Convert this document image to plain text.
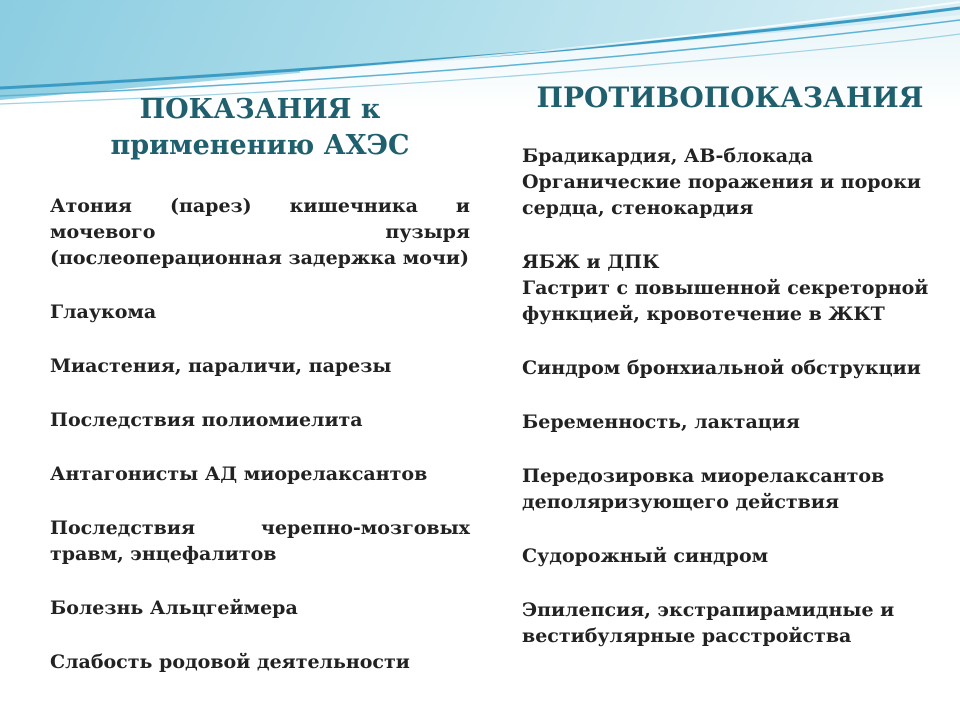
ПОКАЗАНИЯ к применению АХЭС
ПРОТИВОПОКАЗАНИЯ
Атония (парез) кишечника и мочевого пузыря (послеоперационная задержка мочи)
Глаукома
Миастения, параличи, парезы
Последствия полиомиелита
Антагонисты АД миорелаксантов
Последствия черепно-мозговых травм, энцефалитов
Болезнь Альцгеймера
Слабость родовой деятельности
Брадикардия, АВ-блокада
Органические поражения и пороки сердца, стенокардия
ЯБЖ и ДПК
Гастрит с повышенной секреторной функцией, кровотечение в ЖКТ
Синдром бронхиальной обструкции
Беременность, лактация
Передозировка миорелаксантов деполяризующего действия
Судорожный синдром
Эпилепсия, экстрапирамидные и вестибулярные расстройства
